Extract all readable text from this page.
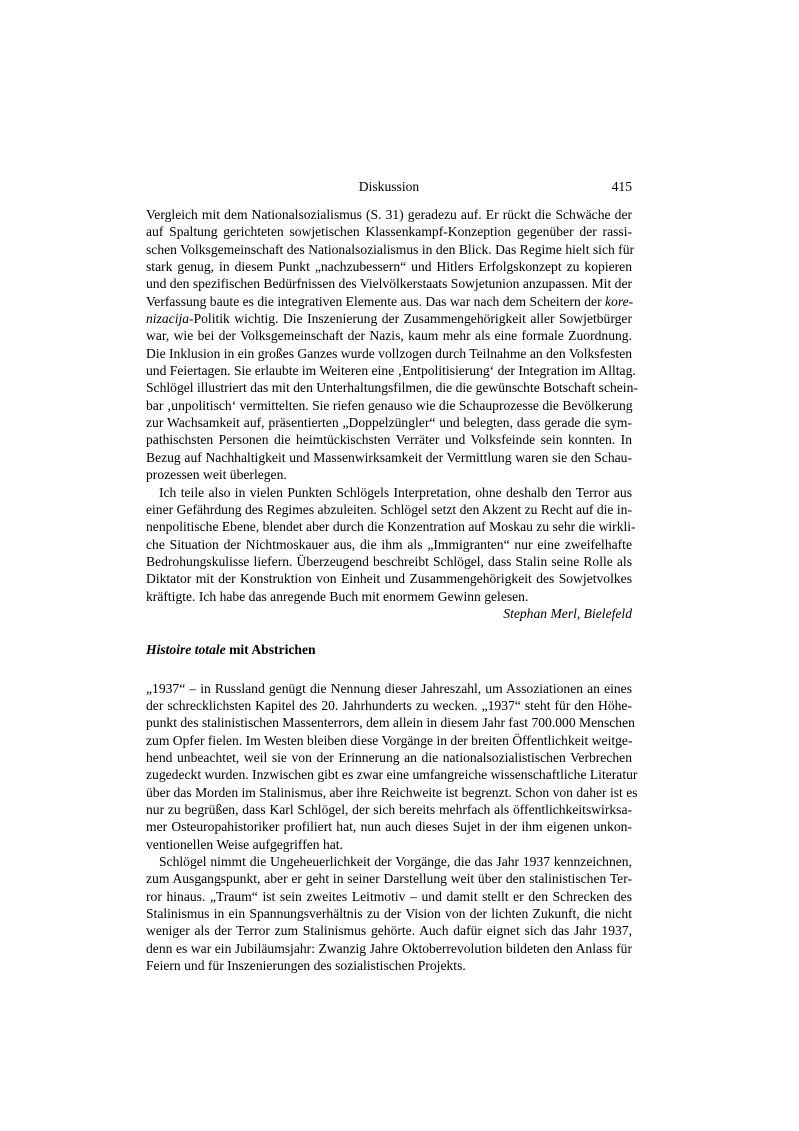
Diskussion	415
Vergleich mit dem Nationalsozialismus (S. 31) geradezu auf. Er rückt die Schwäche der
auf Spaltung gerichteten sowjetischen Klassenkampf-Konzeption gegenüber der rassi-
schen Volksgemeinschaft des Nationalsozialismus in den Blick. Das Regime hielt sich für
stark genug, in diesem Punkt „nachzubessern“ und Hitlers Erfolgskonzept zu kopieren
und den spezifischen Bedürfnissen des Vielvölkerstaats Sowjetunion anzupassen. Mit der
Verfassung baute es die integrativen Elemente aus. Das war nach dem Scheitern der kore-
nizacija-Politik wichtig. Die Inszenierung der Zusammengehörigkeit aller Sowjetbürger
war, wie bei der Volksgemeinschaft der Nazis, kaum mehr als eine formale Zuordnung.
Die Inklusion in ein großes Ganzes wurde vollzogen durch Teilnahme an den Volksfesten
und Feiertagen. Sie erlaubte im Weiteren eine ‚Entpolitisierung‘ der Integration im Alltag.
Schlögel illustriert das mit den Unterhaltungsfilmen, die die gewünschte Botschaft schein-
bar ‚unpolitisch‘ vermittelten. Sie riefen genauso wie die Schauprozesse die Bevölkerung
zur Wachsamkeit auf, präsentierten „Doppelzüngler“ und belegten, dass gerade die sym-
pathischsten Personen die heimtückischsten Verräter und Volksfeinde sein konnten. In
Bezug auf Nachhaltigkeit und Massenwirksamkeit der Vermittlung waren sie den Schau-
prozessen weit überlegen.
Ich teile also in vielen Punkten Schlögels Interpretation, ohne deshalb den Terror aus
einer Gefährdung des Regimes abzuleiten. Schlögel setzt den Akzent zu Recht auf die in-
nenpolitische Ebene, blendet aber durch die Konzentration auf Moskau zu sehr die wirkli-
che Situation der Nichtmoskauer aus, die ihm als „Immigranten“ nur eine zweifelhafte
Bedrohungskulisse liefern. Überzeugend beschreibt Schlögel, dass Stalin seine Rolle als
Diktator mit der Konstruktion von Einheit und Zusammengehörigkeit des Sowjetvolkes
kräftigte. Ich habe das anregende Buch mit enormem Gewinn gelesen.
Stephan Merl, Bielefeld
Histoire totale mit Abstrichen
„1937“ – in Russland genügt die Nennung dieser Jahreszahl, um Assoziationen an eines
der schrecklichsten Kapitel des 20. Jahrhunderts zu wecken. „1937“ steht für den Höhe-
punkt des stalinistischen Massenterrors, dem allein in diesem Jahr fast 700.000 Menschen
zum Opfer fielen. Im Westen bleiben diese Vorgänge in der breiten Öffentlichkeit weitge-
hend unbeachtet, weil sie von der Erinnerung an die nationalsozialistischen Verbrechen
zugedeckt wurden. Inzwischen gibt es zwar eine umfangreiche wissenschaftliche Literatur
über das Morden im Stalinismus, aber ihre Reichweite ist begrenzt. Schon von daher ist es
nur zu begrüßen, dass Karl Schlögel, der sich bereits mehrfach als öffentlichkeitswirksa-
mer Osteuropahistoriker profiliert hat, nun auch dieses Sujet in der ihm eigenen unkon-
ventionellen Weise aufgegriffen hat.
Schlögel nimmt die Ungeheuerlichkeit der Vorgänge, die das Jahr 1937 kennzeichnen,
zum Ausgangspunkt, aber er geht in seiner Darstellung weit über den stalinistischen Ter-
ror hinaus. „Traum“ ist sein zweites Leitmotiv – und damit stellt er den Schrecken des
Stalinismus in ein Spannungsverhältnis zu der Vision von der lichten Zukunft, die nicht
weniger als der Terror zum Stalinismus gehörte. Auch dafür eignet sich das Jahr 1937,
denn es war ein Jubiläumsjahr: Zwanzig Jahre Oktoberrevolution bildeten den Anlass für
Feiern und für Inszenierungen des sozialistischen Projekts.
